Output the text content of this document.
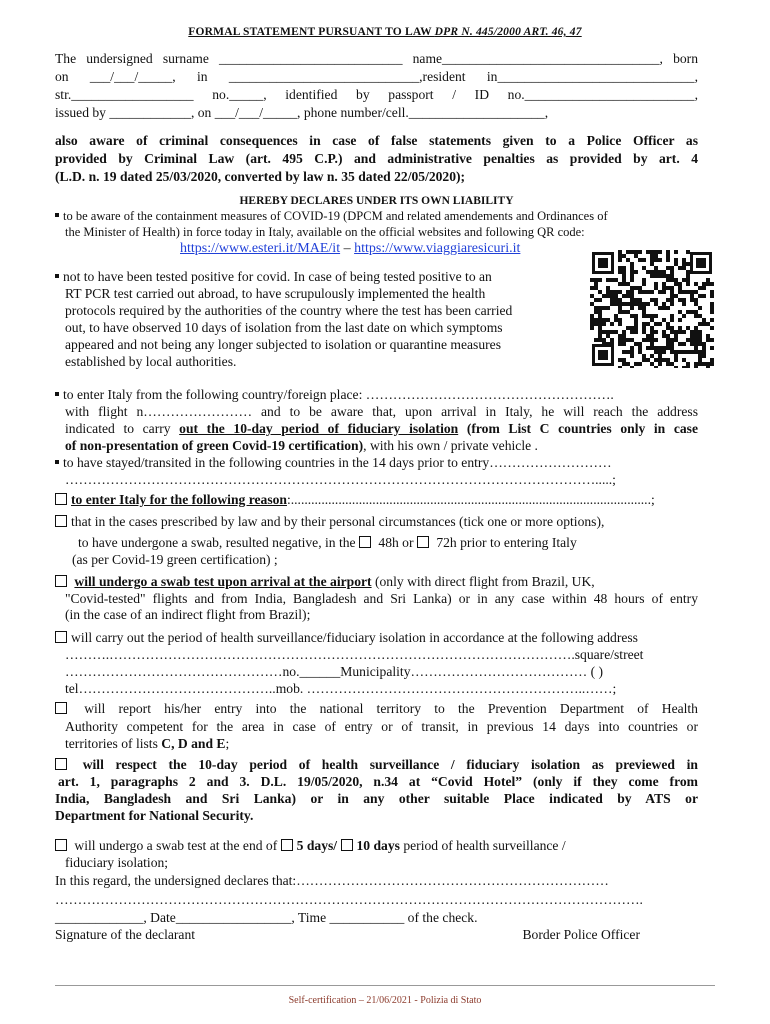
FORMAL STATEMENT PURSUANT TO LAW DPR N. 445/2000 ART. 46, 47
The undersigned surname ___________________________ name________________________________, born
on ___/___/_____, in ____________________________,resident in_____________________________,
str.__________________ no._____, identified by passport / ID no._________________________,
issued by ____________, on ___/___/_____, phone number/cell.____________________,
also aware of criminal consequences in case of false statements given to a Police Officer as
provided by Criminal Law (art. 495 C.P.) and administrative penalties as provided by art. 4
(L.D. n. 19 dated 25/03/2020, converted by law n. 35 dated 22/05/2020);
HEREBY DECLARES UNDER ITS OWN LIABILITY
to be aware of the containment measures of COVID-19 (DPCM and related amendements and Ordinances of
the Minister of Health) in force today in Italy, available on the official websites and following QR code:
https://www.esteri.it/MAE/it – https://www.viaggiaresicuri.it
not to have been tested positive for covid. In case of being tested positive to an
RT PCR test carried out abroad, to have scrupulously implemented the health
protocols required by the authorities of the country where the test has been carried
out, to have observed 10 days of isolation from the last date on which symptoms
appeared and not being any longer subjected to isolation or quarantine measures
established by local authorities.
to enter Italy from the following country/foreign place: ……………………………………………….
with flight n…………………… and to be aware that, upon arrival in Italy, he will reach the address
indicated to carry out the 10-day period of fiduciary isolation (from List C countries only in case
of non-presentation of green Covid-19 certification), with his own / private vehicle .
to have stayed/transited in the following countries in the 14 days prior to entry………………………
……………………………………………………………………………………………………….....;
to enter Italy for the following reason:..........................................................................................................;
that in the cases prescribed by law and by their personal circumstances (tick one or more options),
to have undergone a swab, resulted negative, in the 48h or 72h prior to entering Italy
(as per Covid-19 green certification) ;
will undergo a swab test upon arrival at the airport (only with direct flight from Brazil, UK,
"Covid-tested" flights and from India, Bangladesh and Sri Lanka) or in any case within 48 hours of entry
(in the case of an indirect flight from Brazil);
will carry out the period of health surveillance/fiduciary isolation in accordance at the following address
……….………………………………………………………………………………………….square/street
…………………………………………no.______Municipality………………………………… ( )
tel……………………………………..mob. ……………………………………………………..……;
will report his/her entry into the national territory to the Prevention Department of Health
Authority competent for the area in case of entry or of transit, in previous 14 days into countries or
territories of lists C, D and E;
will respect the 10-day period of health surveillance / fiduciary isolation as previewed in
art. 1, paragraphs 2 and 3. D.L. 19/05/2020, n.34 at “Covid Hotel” (only if they come from
India, Bangladesh and Sri Lanka) or in any other suitable Place indicated by ATS or
Department for National Security.
will undergo a swab test at the end of 5 days/ 10 days period of health surveillance /
fiduciary isolation;
In this regard, the undersigned declares that:……………………………………………………………
………………………………………………………………………………………………………………….
_____________, Date_________________, Time ___________ of the check.
Signature of the declarant	Border Police Officer
Self-certification – 21/06/2021 - Polizia di Stato
